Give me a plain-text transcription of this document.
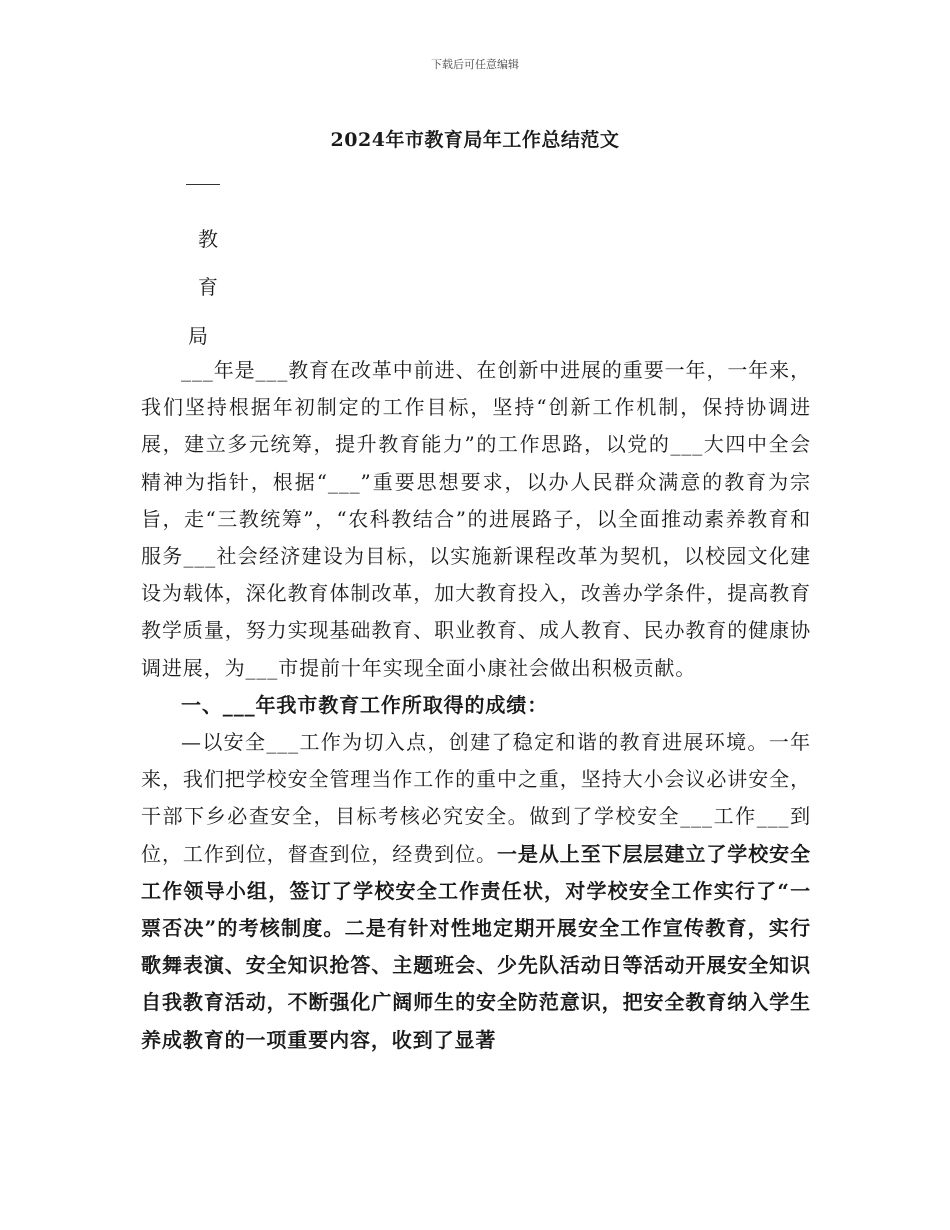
下载后可任意编辑
2024年市教育局年工作总结范文
教
育
局

___年是___教育在改革中前进、在创新中进展的重要一年，一年来，我们坚持根据年初制定的工作目标，坚持“创新工作机制，保持协调进展，建立多元统筹，提升教育能力”的工作思路，以党的___大四中全会精神为指针，根据“___”重要思想要求，以办人民群众满意的教育为宗旨，走“三教统筹”，“农科教结合”的进展路子，以全面推动素养教育和服务___社会经济建设为目标，以实施新课程改革为契机，以校园文化建设为载体，深化教育体制改革，加大教育投入，改善办学条件，提高教育教学质量，努力实现基础教育、职业教育、成人教育、民办教育的健康协调进展，为___市提前十年实现全面小康社会做出积极贡献。

一、___年我市教育工作所取得的成绩：

—以安全___工作为切入点，创建了稳定和谐的教育进展环境。一年来，我们把学校安全管理当作工作的重中之重，坚持大小会议必讲安全，干部下乡必查安全，目标考核必究安全。做到了学校安全___工作___到位，工作到位，督查到位，经费到位。一是从上至下层层建立了学校安全工作领导小组，签订了学校安全工作责任状，对学校安全工作实行了“一票否决”的考核制度。二是有针对性地定期开展安全工作宣传教育，实行歌舞表演、安全知识抢答、主题班会、少先队活动日等活动开展安全知识自我教育活动，不断强化广阔师生的安全防范意识，把安全教育纳入学生养成教育的一项重要内容，收到了显著
